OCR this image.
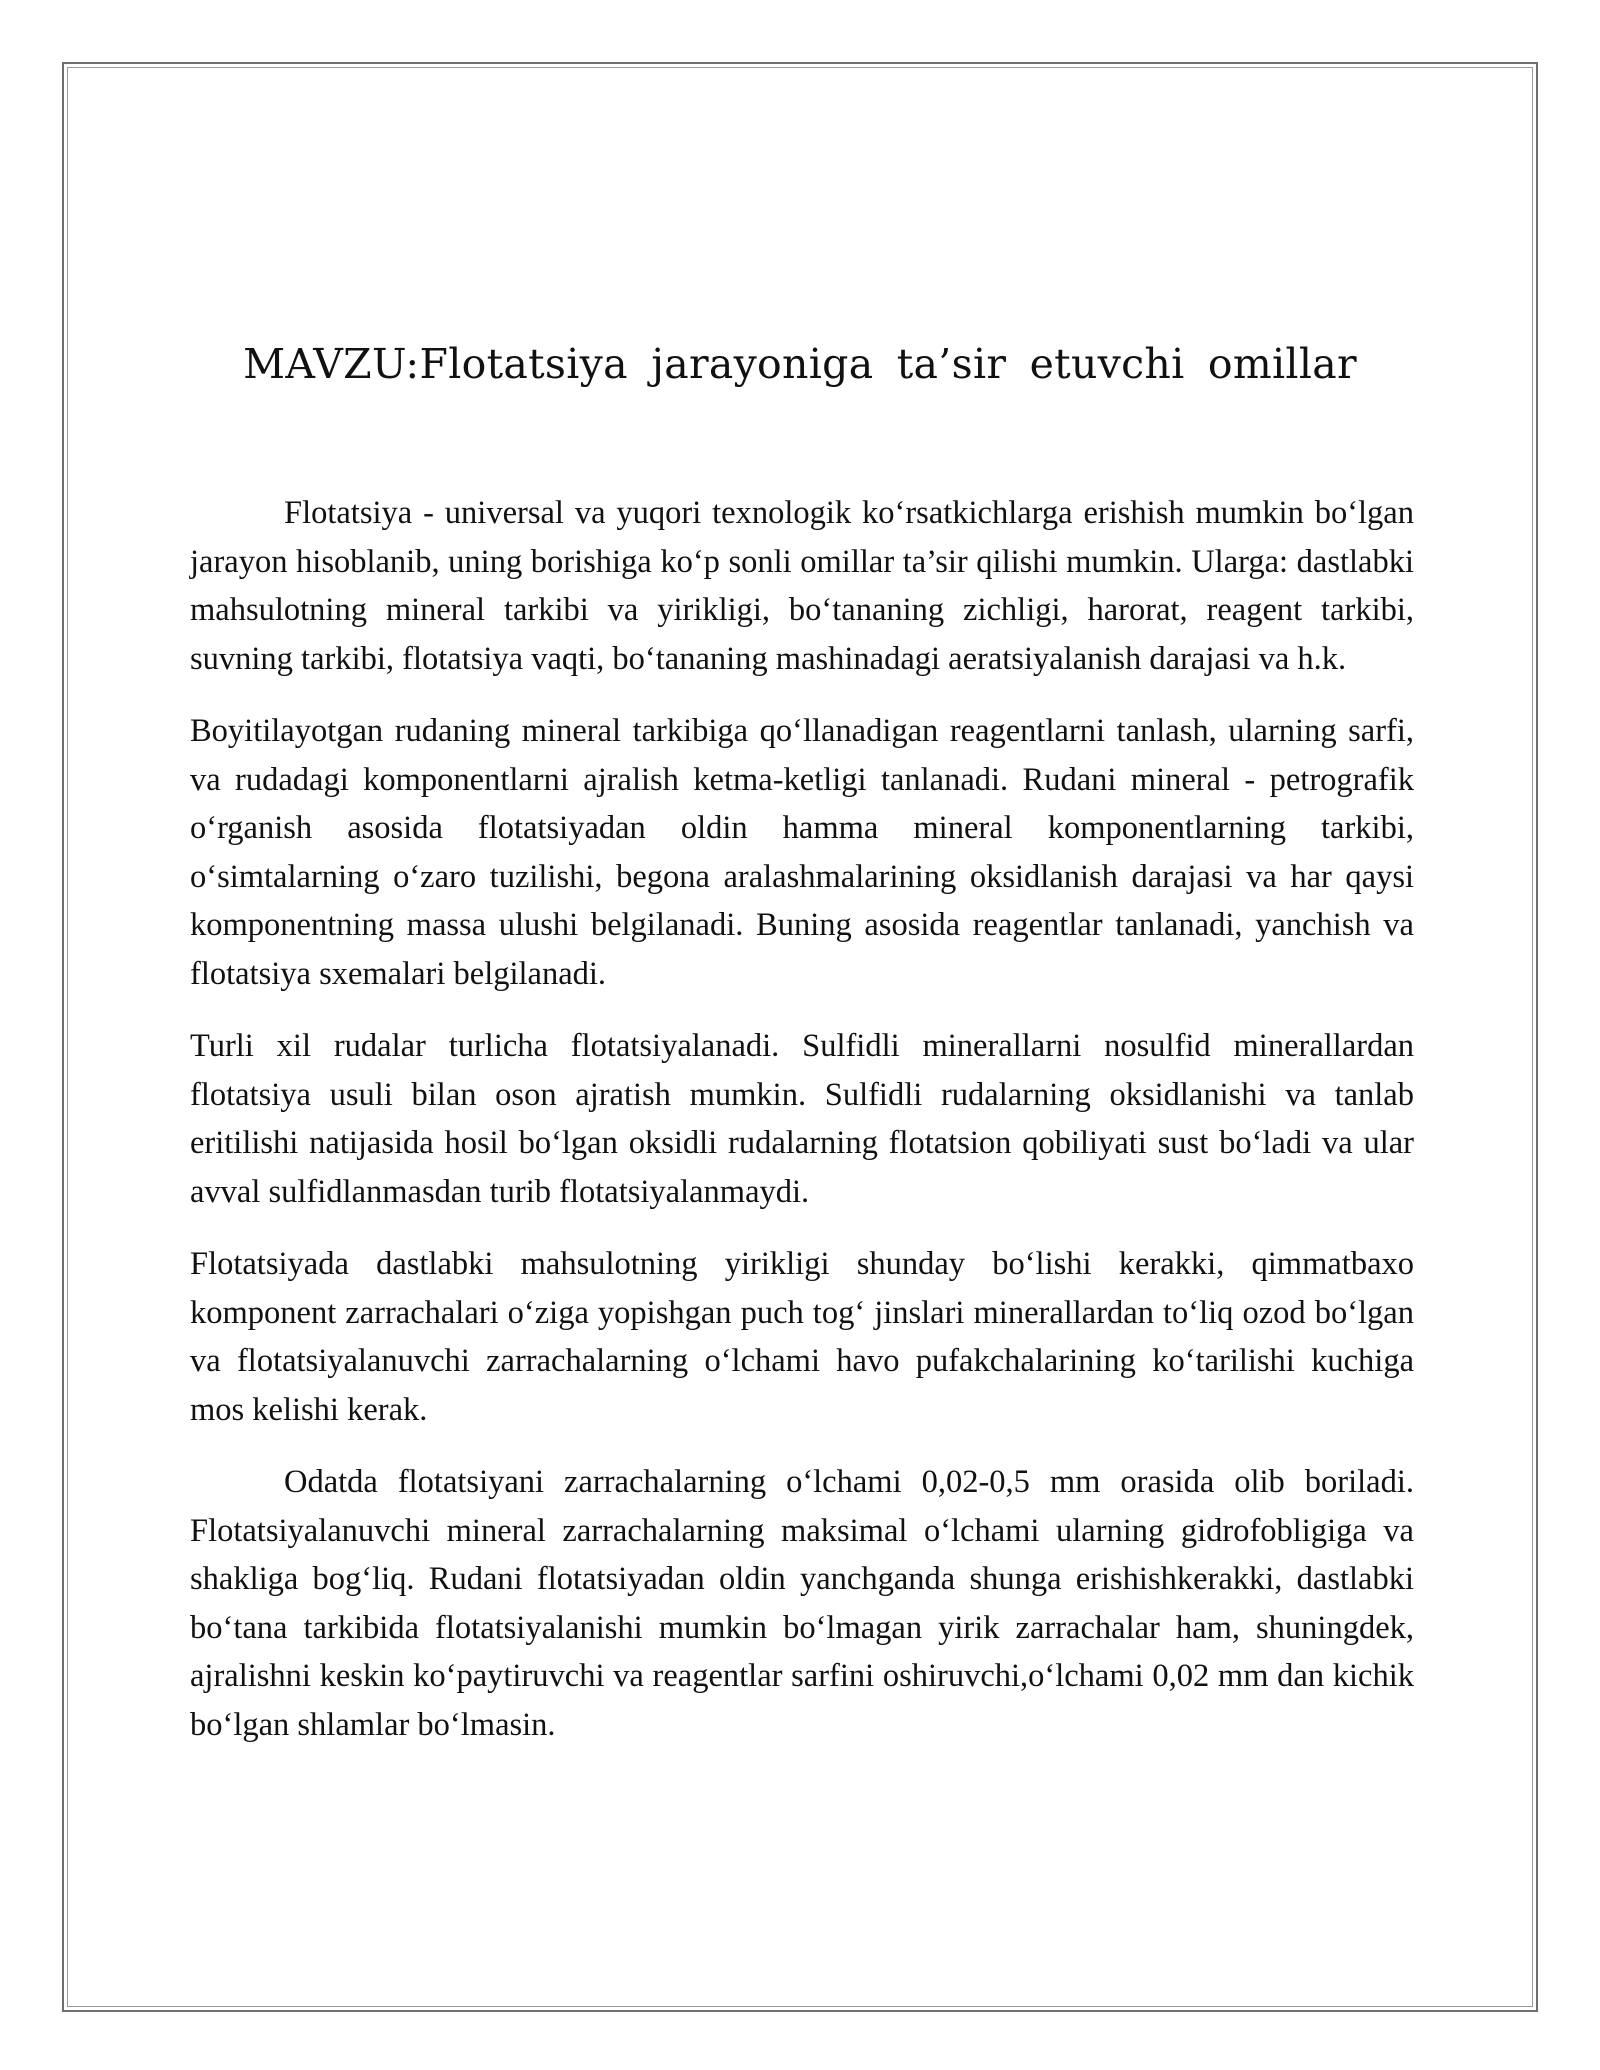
MAVZU:Flotatsiya jarayoniga ta’sir etuvchi omillar

Flotatsiya - universal va yuqori texnologik ko‘rsatkichlarga erishish mumkin bo‘lgan jarayon hisoblanib, uning borishiga ko‘p sonli omillar ta’sir qilishi mumkin. Ularga: dastlabki mahsulotning mineral tarkibi va yirikligi, bo‘tananing zichligi, harorat, reagent tarkibi, suvning tarkibi, flotatsiya vaqti, bo‘tananing mashinadagi aeratsiyalanish darajasi va h.k.

Boyitilayotgan rudaning mineral tarkibiga qo‘llanadigan reagentlarni tanlash, ularning sarfi, va rudadagi komponentlarni ajralish ketma-ketligi tanlanadi. Rudani mineral - petrografik o‘rganish asosida flotatsiyadan oldin hamma mineral komponentlarning tarkibi, o‘simtalarning o‘zaro tuzilishi, begona aralashmalarining oksidlanish darajasi va har qaysi komponentning massa ulushi belgilanadi. Buning asosida reagentlar tanlanadi, yanchish va flotatsiya sxemalari belgilanadi.

Turli xil rudalar turlicha flotatsiyalanadi. Sulfidli minerallarni nosulfid minerallardan flotatsiya usuli bilan oson ajratish mumkin. Sulfidli rudalarning oksidlanishi va tanlab eritilishi natijasida hosil bo‘lgan oksidli rudalarning flotatsion qobiliyati sust bo‘ladi va ular avval sulfidlanmasdan turib flotatsiyalanmaydi.

Flotatsiyada dastlabki mahsulotning yirikligi shunday bo‘lishi kerakki, qimmatbaxo komponent zarrachalari o‘ziga yopishgan puch tog‘ jinslari minerallardan to‘liq ozod bo‘lgan va flotatsiyalanuvchi zarrachalarning o‘lchami havo pufakchalarining ko‘tarilishi kuchiga mos kelishi kerak.

Odatda flotatsiyani zarrachalarning o‘lchami 0,02-0,5 mm orasida olib boriladi. Flotatsiyalanuvchi mineral zarrachalarning maksimal o‘lchami ularning gidrofobligiga va shakliga bog‘liq. Rudani flotatsiyadan oldin yanchganda shunga erishishkerakki, dastlabki bo‘tana tarkibida flotatsiyalanishi mumkin bo‘lmagan yirik zarrachalar ham, shuningdek, ajralishni keskin ko‘paytiruvchi va reagentlar sarfini oshiruvchi,o‘lchami 0,02 mm dan kichik bo‘lgan shlamlar bo‘lmasin.
